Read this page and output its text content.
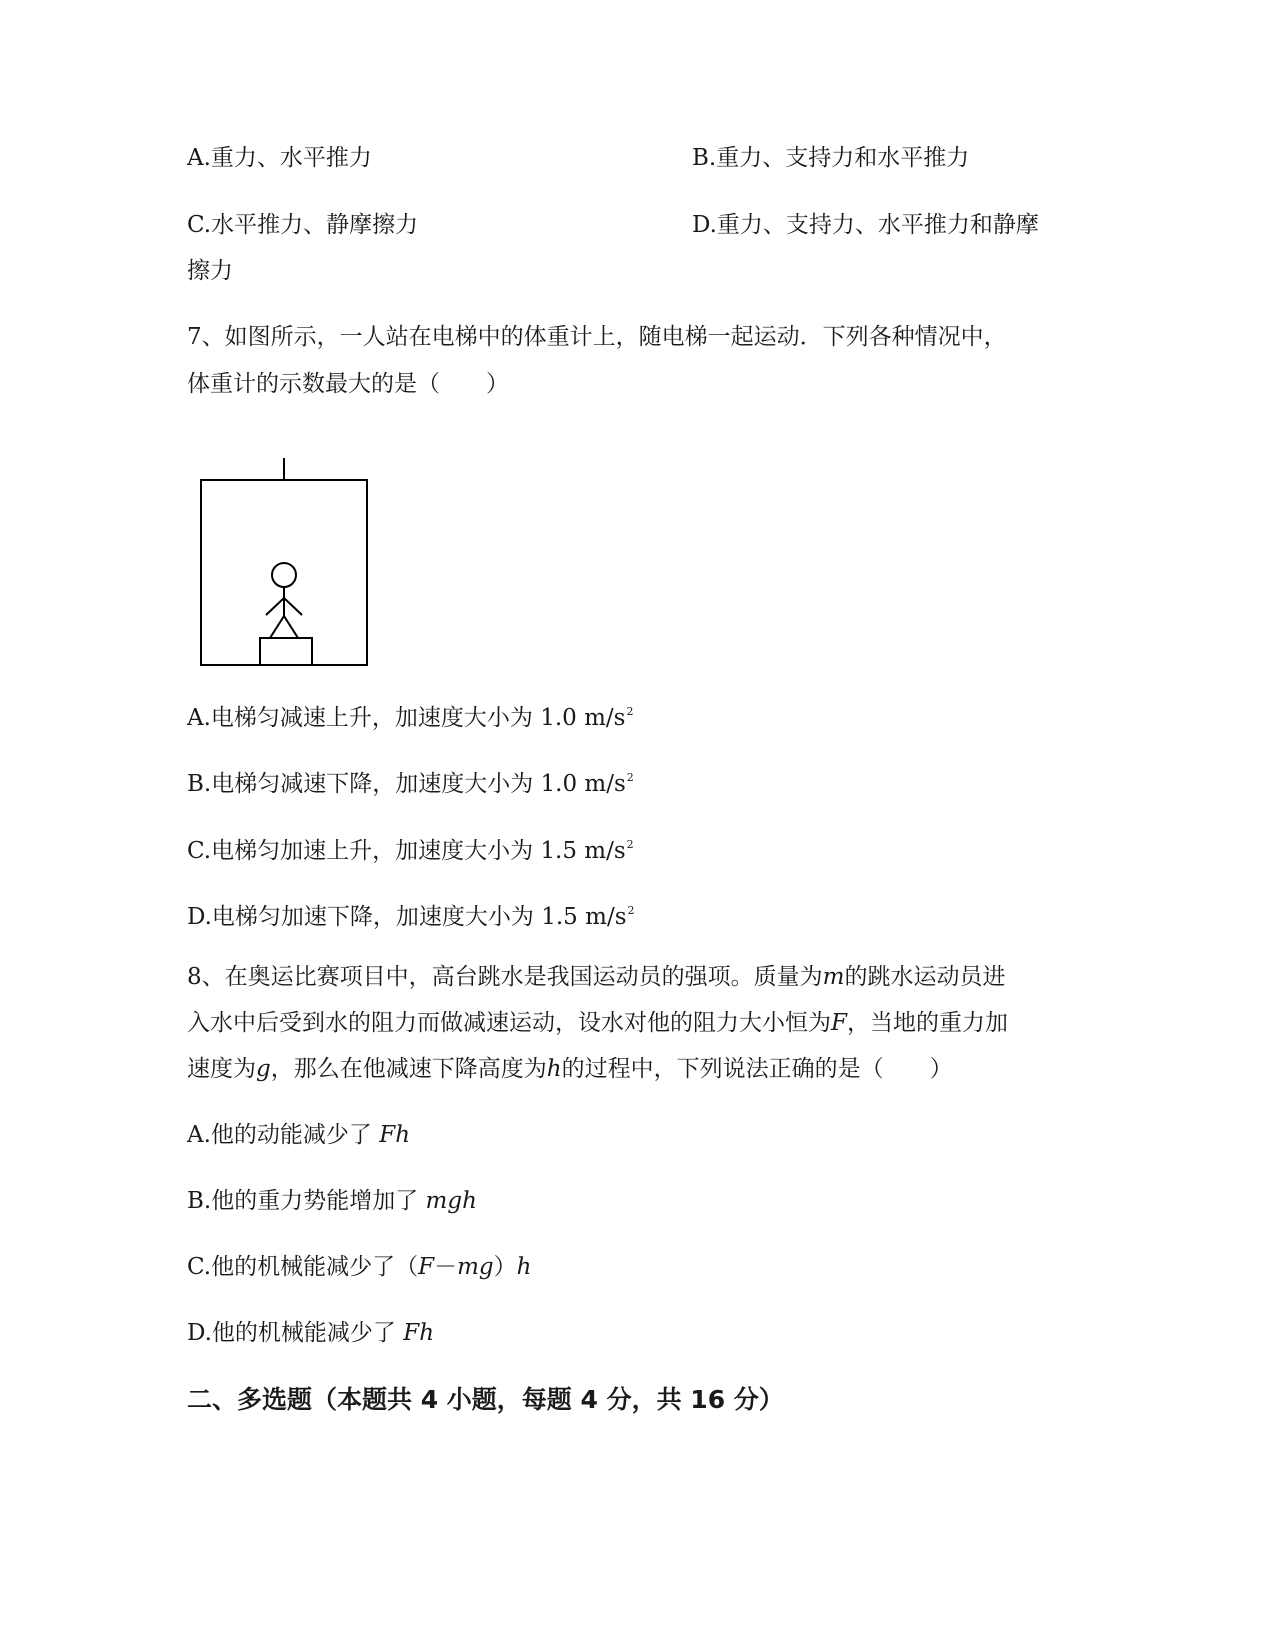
A.重力、水平推力	B.重力、支持力和水平推力
C.水平推力、静摩擦力	D.重力、支持力、水平推力和静摩
擦力
7、如图所示，一人站在电梯中的体重计上，随电梯一起运动．下列各种情况中，
体重计的示数最大的是（　　）
A.电梯匀减速上升，加速度大小为 1.0 $m/s^2$
B.电梯匀减速下降，加速度大小为 1.0 $m/s^2$
C.电梯匀加速上升，加速度大小为 1.5 $m/s^2$
D.电梯匀加速下降，加速度大小为 1.5 $m/s^2$
8、在奥运比赛项目中，高台跳水是我国运动员的强项。质量为m的跳水运动员进
入水中后受到水的阻力而做减速运动，设水对他的阻力大小恒为F，当地的重力加
速度为g，那么在他减速下降高度为h的过程中，下列说法正确的是（　　）
A.他的动能减少了 Fh
B.他的重力势能增加了 mgh
C.他的机械能减少了（F－mg）h
D.他的机械能减少了 Fh
二、多选题（本题共 4 小题，每题 4 分，共 16 分）
